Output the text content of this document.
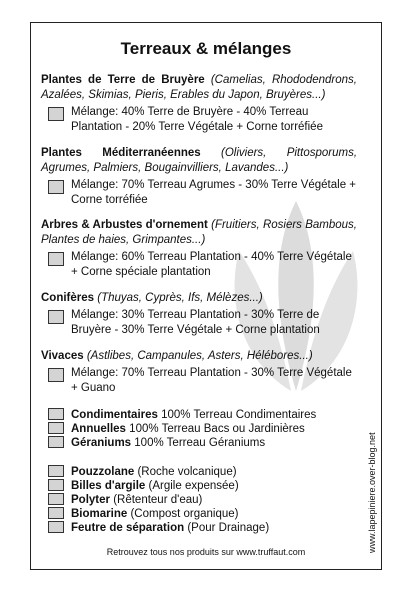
Terreaux & mélanges
Plantes de Terre de Bruyère (Camelias, Rhododendrons, Azalées, Skimias, Pieris, Erables du Japon, Bruyères...)
Mélange: 40% Terre de Bruyère - 40% Terreau Plantation - 20% Terre Végétale + Corne torréfiée
Plantes Méditerranéennes (Oliviers, Pittosporums, Agrumes, Palmiers, Bougainvilliers, Lavandes...)
Mélange: 70% Terreau Agrumes - 30% Terre Végétale + Corne torréfiée
Arbres & Arbustes d'ornement (Fruitiers, Rosiers Bambous, Plantes de haies, Grimpantes...)
Mélange: 60% Terreau Plantation - 40% Terre Végétale + Corne spéciale plantation
Conifères (Thuyas, Cyprès, Ifs, Mélèzes...)
Mélange: 30% Terreau Plantation - 30% Terre de Bruyère - 30% Terre Végétale + Corne plantation
Vivaces (Astlibes, Campanules, Asters, Hélébores...)
Mélange: 70% Terreau Plantation - 30% Terre Végétale + Guano
Condimentaires 100% Terreau Condimentaires
Annuelles 100% Terreau Bacs ou Jardinières
Géraniums 100% Terreau Géraniums
Pouzzolane (Roche volcanique)
Billes d'argile (Argile expensée)
Polyter (Rêtenteur d'eau)
Biomarine (Compost organique)
Feutre de séparation (Pour Drainage)
Retrouvez tous nos produits sur www.truffaut.com	www.lapepiniere.over-blog.net
